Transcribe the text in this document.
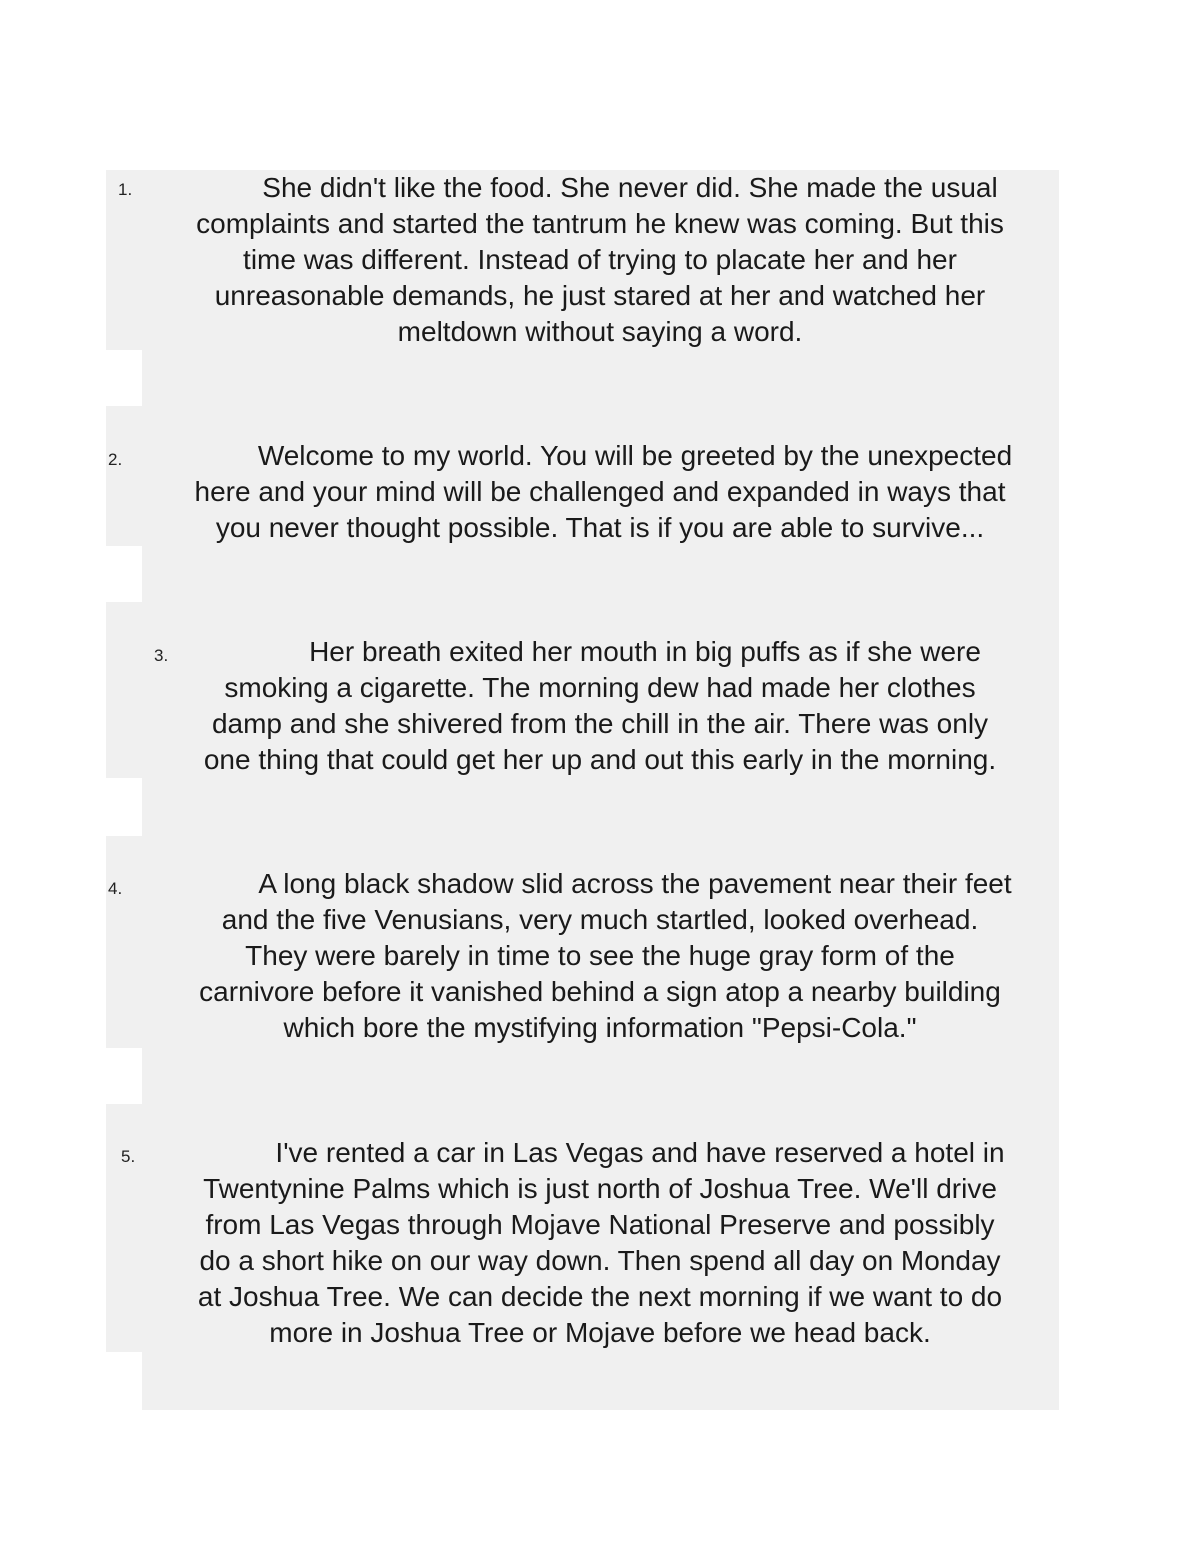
1.	She didn't like the food. She never did. She made the usual
complaints and started the tantrum he knew was coming. But this
time was different. Instead of trying to placate her and her
unreasonable demands, he just stared at her and watched her
meltdown without saying a word.
2.	Welcome to my world. You will be greeted by the unexpected
here and your mind will be challenged and expanded in ways that
you never thought possible. That is if you are able to survive...
3.	Her breath exited her mouth in big puffs as if she were
smoking a cigarette. The morning dew had made her clothes
damp and she shivered from the chill in the air. There was only
one thing that could get her up and out this early in the morning.
4.	A long black shadow slid across the pavement near their feet
and the five Venusians, very much startled, looked overhead.
They were barely in time to see the huge gray form of the
carnivore before it vanished behind a sign atop a nearby building
which bore the mystifying information "Pepsi-Cola."
5.	I've rented a car in Las Vegas and have reserved a hotel in
Twentynine Palms which is just north of Joshua Tree. We'll drive
from Las Vegas through Mojave National Preserve and possibly
do a short hike on our way down. Then spend all day on Monday
at Joshua Tree. We can decide the next morning if we want to do
more in Joshua Tree or Mojave before we head back.
